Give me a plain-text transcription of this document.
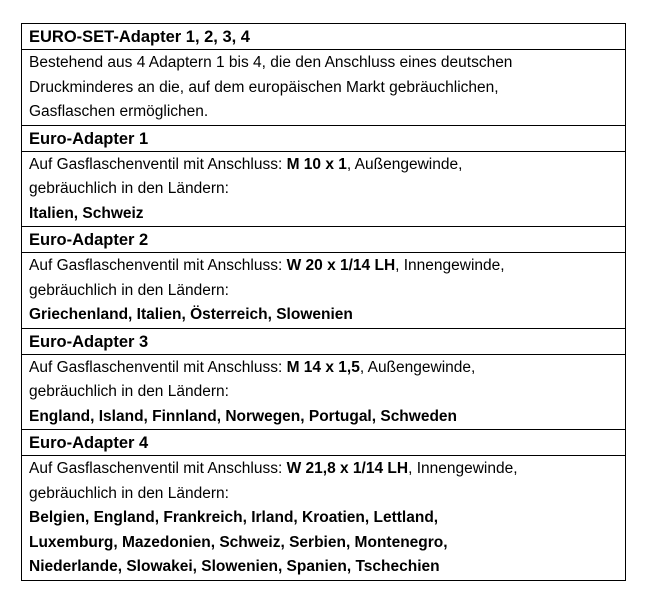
EURO-SET-Adapter 1, 2, 3, 4
Bestehend aus 4 Adaptern 1 bis 4, die den Anschluss eines deutschen
Druckminderes an die, auf dem europäischen Markt gebräuchlichen,
Gasflaschen ermöglichen.
Euro-Adapter 1
Auf Gasflaschenventil mit Anschluss: M 10 x 1, Außengewinde,
gebräuchlich in den Ländern:
Italien, Schweiz
Euro-Adapter 2
Auf Gasflaschenventil mit Anschluss: W 20 x 1/14 LH, Innengewinde,
gebräuchlich in den Ländern:
Griechenland, Italien, Österreich, Slowenien
Euro-Adapter 3
Auf Gasflaschenventil mit Anschluss: M 14 x 1,5, Außengewinde,
gebräuchlich in den Ländern:
England, Island, Finnland, Norwegen, Portugal, Schweden
Euro-Adapter 4
Auf Gasflaschenventil mit Anschluss: W 21,8 x 1/14 LH, Innengewinde,
gebräuchlich in den Ländern:
Belgien, England, Frankreich, Irland, Kroatien, Lettland,
Luxemburg, Mazedonien, Schweiz, Serbien, Montenegro,
Niederlande, Slowakei, Slowenien, Spanien, Tschechien
